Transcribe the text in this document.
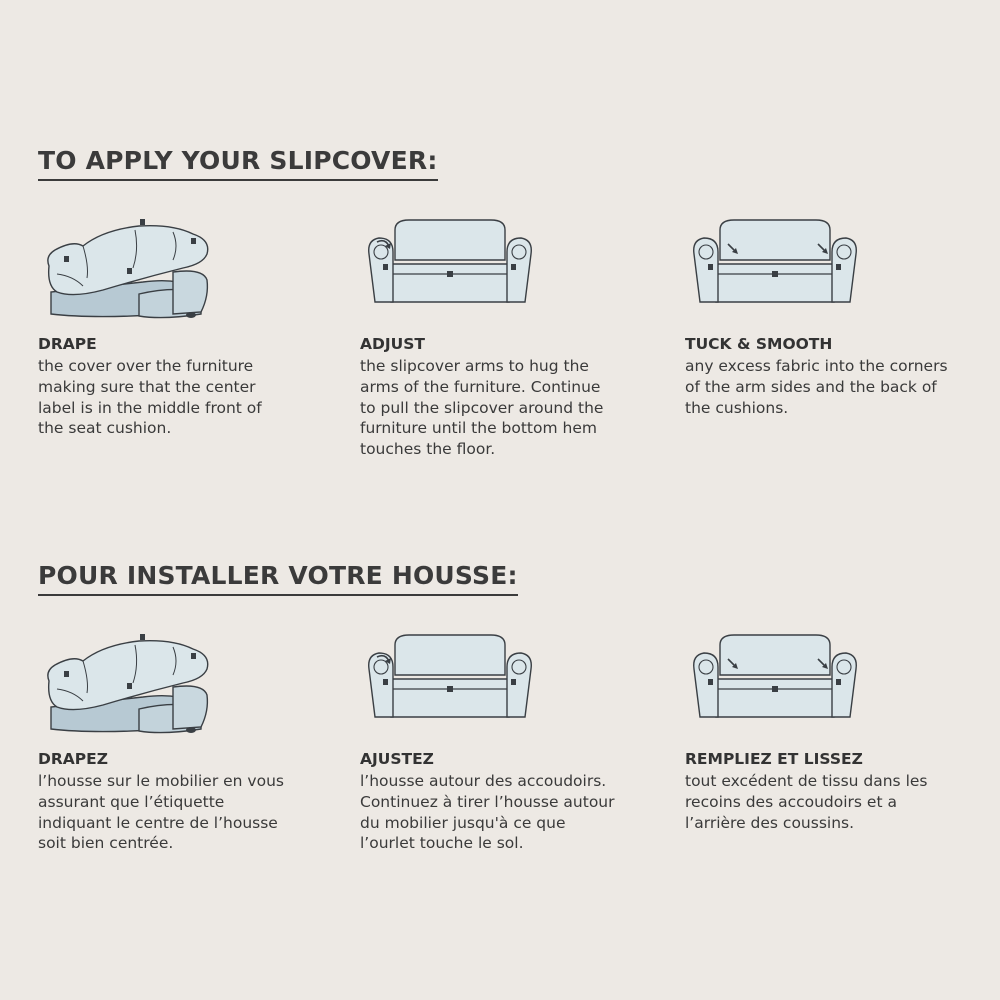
TO APPLY YOUR SLIPCOVER:
DRAPE
the cover over the furniture
making sure that the center
label is in the middle front of
the seat cushion.
ADJUST
the slipcover arms to hug the
arms of the furniture. Continue
to pull the slipcover around the
furniture until the bottom hem
touches the floor.
TUCK & SMOOTH
any excess fabric into the corners
of the arm sides and the back of
the cushions.
POUR INSTALLER VOTRE HOUSSE:
DRAPEZ
l’housse sur le mobilier en vous
assurant que l’étiquette
indiquant le centre de l’housse
soit bien centrée.
AJUSTEZ
l’housse autour des accoudoirs.
Continuez à tirer l’housse autour
du mobilier jusqu'à ce que
l’ourlet touche le sol.
REMPLIEZ ET LISSEZ
tout excédent de tissu dans les
recoins des accoudoirs et a
l’arrière des coussins.
